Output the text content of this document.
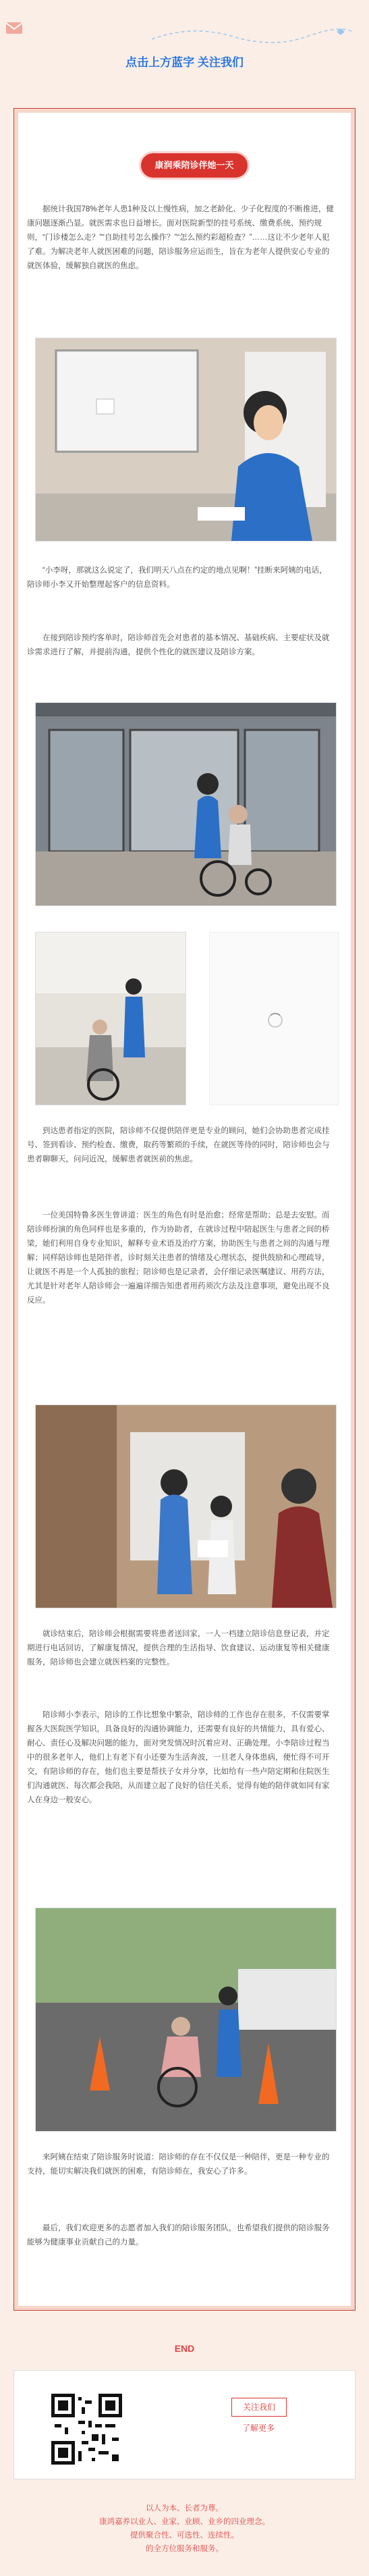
点击上方蓝字 关注我们
康润乘陪诊伴她一天
据统计我国78%老年人患1种及以上慢性病，加之老龄化、少子化程度的不断推进，健康问题逐渐凸显。就医需求也日益增长。面对医院新型的挂号系统、缴费系统、预约规则，“门诊楼怎么走？”“自助挂号怎么操作？”“怎么预约彩超检查？”……这让不少老年人犯了难。为解决老年人就医困难的问题，陪诊服务应运而生，旨在为老年人提供安心专业的就医体验，缓解独自就医的焦虑。
“小李呀，那就这么说定了，我们明天八点在约定的地点见啊！”挂断来阿姨的电话，陪诊师小李又开始整理起客户的信息资料。
在接到陪诊预约客单时，陪诊师首先会对患者的基本情况、基础疾病、主要症状及就诊需求进行了解，并提前沟通，提供个性化的就医建议及陪诊方案。
到达患者指定的医院，陪诊师不仅提供陪伴更是专业的顾问，她们会协助患者完成挂号、签到看诊、预约检查、缴费，取药等繁琐的手续，在就医等待的同时，陪诊师也会与患者聊聊天，问问近况，缓解患者就医前的焦虑。
一位美国特鲁多医生曾讲道：医生的角色有时是治愈；经常是帮助；总是去安慰。而陪诊师扮演的角色同样也是多重的，作为协助者，在就诊过程中陪起医生与患者之间的桥梁，她们利用自身专业知识，解释专业术语及治疗方案，协助医生与患者之间的沟通与理解；同样陪诊师也是陪伴者，诊时刻关注患者的情绪及心理状态，提供鼓励和心理疏导，让就医不再是一个人孤独的旅程；陪诊师也是记录者，会仔细记录医嘱建议、用药方法，尤其是针对老年人陪诊师会一遍遍详细告知患者用药须次方法及注意事项，避免出现不良反应。
就诊结束后，陪诊师会根据需要将患者送回家，一人一档建立陪诊信息登记表，并定期进行电话回访，了解康复情况，提供合理的生活指导、饮食建议、运动康复等相关健康服务，陪诊师也会建立就医档案的完整性。
陪诊师小李表示，陪诊的工作比想象中繁杂，陪诊师的工作也存在很多，不仅需要掌握各大医院医学知识，具备良好的沟通协调能力，还需要有良好的共情能力，具有爱心、耐心、责任心及解决问题的能力，面对突发情况时沉着应对、正确处理。小李陪诊过程当中的很多老年人，他们上有老下有小还要为生活奔波，一旦老人身体患病，便忙得不可开交，有陪诊师的存在，他们也主要是帮扶子女并分享，比如给有一些卢陪定期和住院医生们沟通就医、每次都会我陪，从而建立起了良好的信任关系，觉得有她的陪伴就如同有家人在身边一般安心。
来阿姨在结束了陪诊服务时说道：陪诊师的存在不仅仅是一种陪伴，更是一种专业的支持，能切实解决我们就医的困难，有陪诊师在，我安心了许多。
最后，我们欢迎更多的志愿者加入我们的陪诊服务团队，也希望我们提供的陪诊服务能够为健康事业贡献自己的力量。
END
关注我们
了解更多
以人为本、长者为尊。
康鸿嘉养以业人、业家、业顾、业乡的四业理念。
提供聚合性、可选性、连续性。
的全方位服务和服务。
